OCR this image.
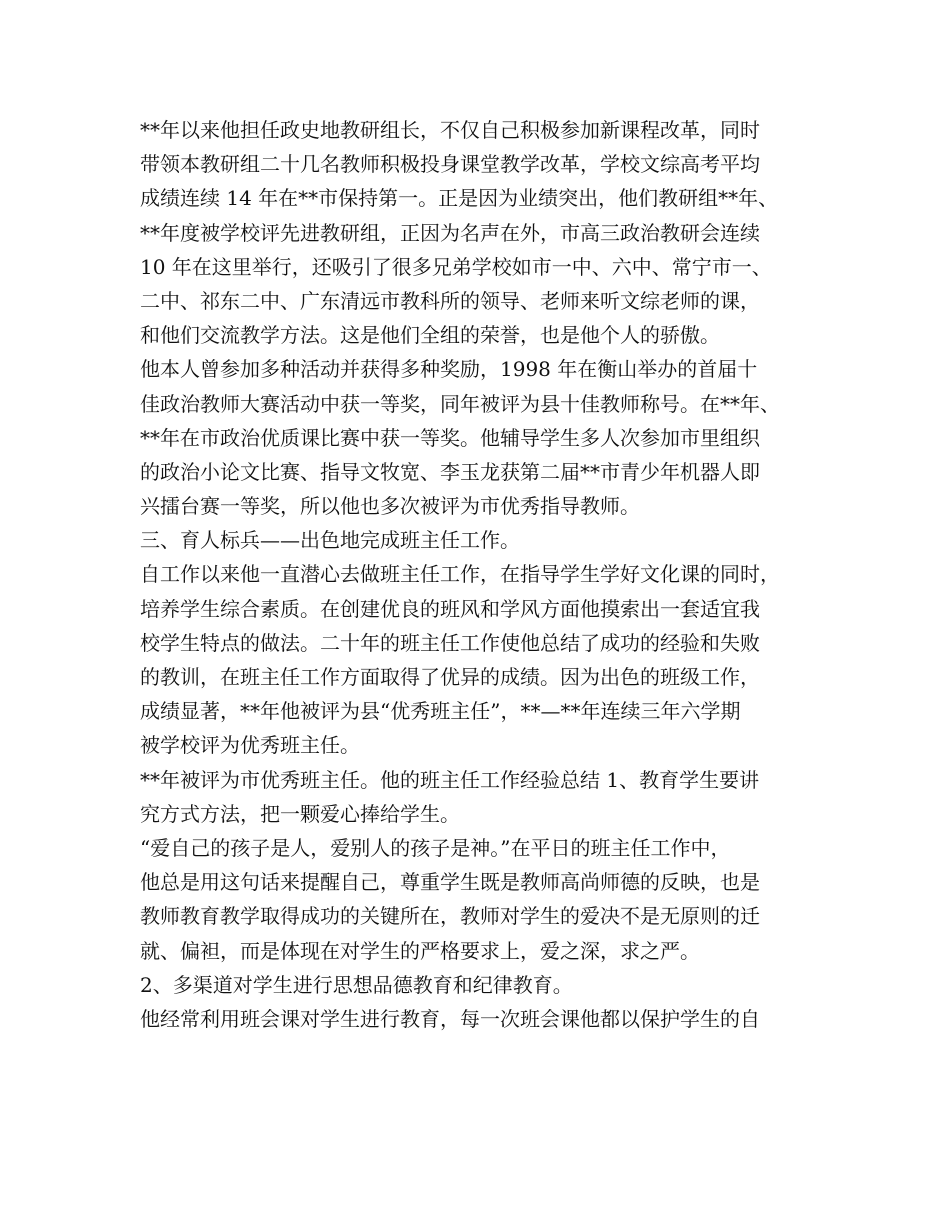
**年以来他担任政史地教研组长，不仅自己积极参加新课程改革，同时
带领本教研组二十几名教师积极投身课堂教学改革，学校文综高考平均
成绩连续 14 年在**市保持第一。正是因为业绩突出，他们教研组**年、
**年度被学校评先进教研组，正因为名声在外，市高三政治教研会连续
10 年在这里举行，还吸引了很多兄弟学校如市一中、六中、常宁市一、
二中、祁东二中、广东清远市教科所的领导、老师来听文综老师的课，
和他们交流教学方法。这是他们全组的荣誉，也是他个人的骄傲。
他本人曾参加多种活动并获得多种奖励，1998 年在衡山举办的首届十
佳政治教师大赛活动中获一等奖，同年被评为县十佳教师称号。在**年、
**年在市政治优质课比赛中获一等奖。他辅导学生多人次参加市里组织
的政治小论文比赛、指导文牧宽、李玉龙获第二届**市青少年机器人即
兴擂台赛一等奖，所以他也多次被评为市优秀指导教师。
三、育人标兵——出色地完成班主任工作。
自工作以来他一直潜心去做班主任工作，在指导学生学好文化课的同时，
培养学生综合素质。在创建优良的班风和学风方面他摸索出一套适宜我
校学生特点的做法。二十年的班主任工作使他总结了成功的经验和失败
的教训，在班主任工作方面取得了优异的成绩。因为出色的班级工作，
成绩显著，**年他被评为县“优秀班主任”，**—**年连续三年六学期
被学校评为优秀班主任。
**年被评为市优秀班主任。他的班主任工作经验总结 1、教育学生要讲
究方式方法，把一颗爱心捧给学生。
“爱自己的孩子是人，爱别人的孩子是神。”在平日的班主任工作中，
他总是用这句话来提醒自己，尊重学生既是教师高尚师德的反映，也是
教师教育教学取得成功的关键所在，教师对学生的爱决不是无原则的迁
就、偏袒，而是体现在对学生的严格要求上，爱之深，求之严。
2、多渠道对学生进行思想品德教育和纪律教育。
他经常利用班会课对学生进行教育，每一次班会课他都以保护学生的自
